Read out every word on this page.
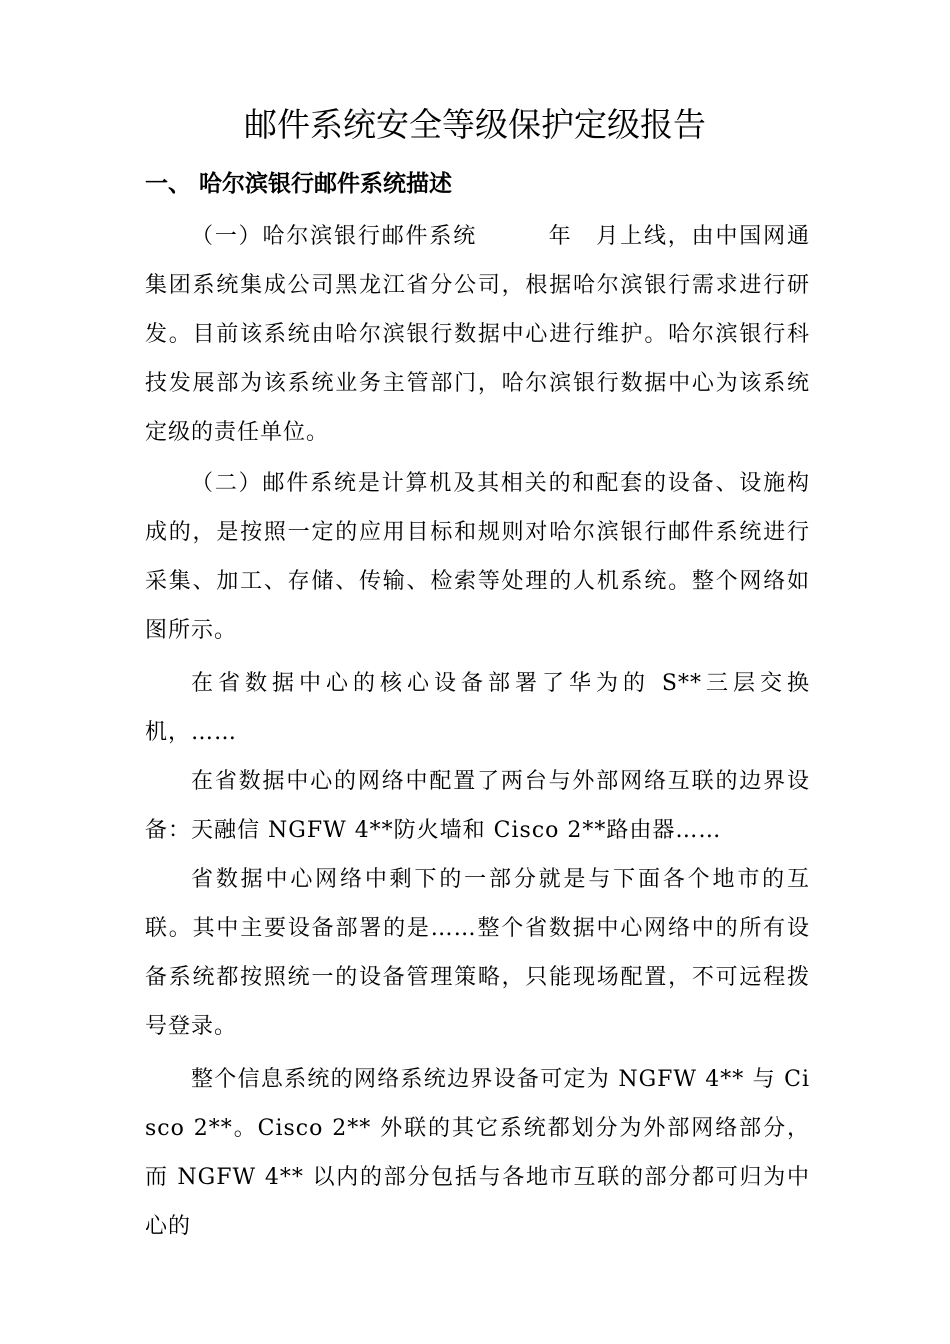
邮件系统安全等级保护定级报告
一、 哈尔滨银行邮件系统描述

（一）哈尔滨银行邮件系统　　　年　月上线，由中国网通集团系统集成公司黑龙江省分公司，根据哈尔滨银行需求进行研发。目前该系统由哈尔滨银行数据中心进行维护。哈尔滨银行科技发展部为该系统业务主管部门，哈尔滨银行数据中心为该系统定级的责任单位。

（二）邮件系统是计算机及其相关的和配套的设备、设施构成的，是按照一定的应用目标和规则对哈尔滨银行邮件系统进行采集、加工、存储、传输、检索等处理的人机系统。整个网络如图所示。

在省数据中心的核心设备部署了华为的 S**三层交换机，……

在省数据中心的网络中配置了两台与外部网络互联的边界设备：天融信 NGFW 4**防火墙和 Cisco 2**路由器……

省数据中心网络中剩下的一部分就是与下面各个地市的互联。其中主要设备部署的是……整个省数据中心网络中的所有设备系统都按照统一的设备管理策略，只能现场配置，不可远程拨号登录。

整个信息系统的网络系统边界设备可定为 NGFW 4** 与 Cisco 2**。Cisco 2** 外联的其它系统都划分为外部网络部分，而 NGFW 4** 以内的部分包括与各地市互联的部分都可归为中心的
